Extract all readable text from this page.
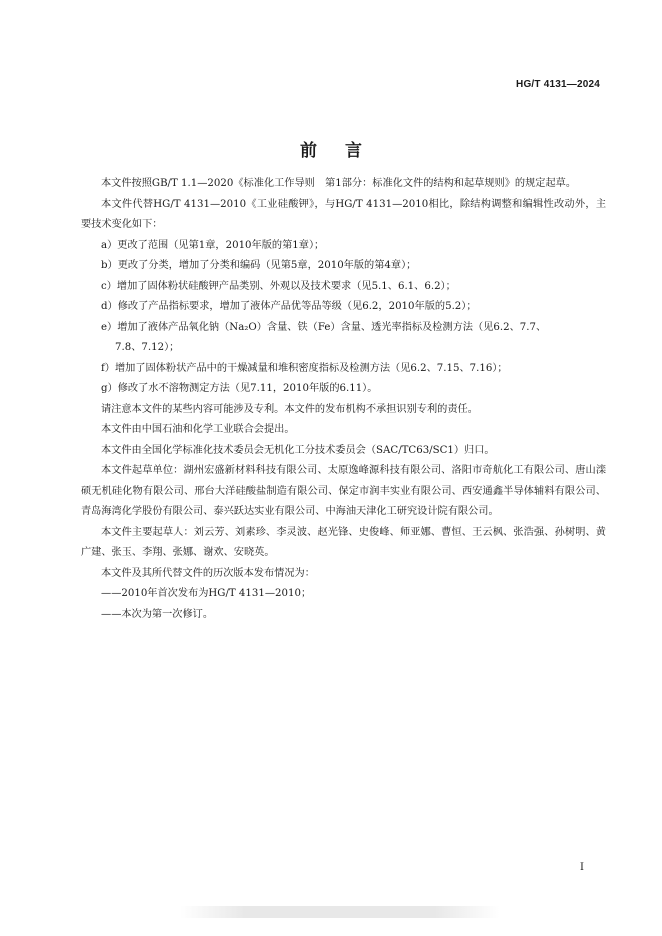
HG/T 4131—2024
前言

本文件按照GB/T 1.1—2020《标准化工作导则　第1部分：标准化文件的结构和起草规则》的规定起草。

本文件代替HG/T 4131—2010《工业硅酸钾》，与HG/T 4131—2010相比，除结构调整和编辑性改动外，主要技术变化如下：

a）更改了范围（见第1章，2010年版的第1章）；

b）更改了分类，增加了分类和编码（见第5章，2010年版的第4章）；

c）增加了固体粉状硅酸钾产品类别、外观以及技术要求（见5.1、6.1、6.2）；

d）修改了产品指标要求，增加了液体产品优等品等级（见6.2，2010年版的5.2）；

e）增加了液体产品氧化钠（Na₂O）含量、铁（Fe）含量、透光率指标及检测方法（见6.2、7.7、
7.8、7.12）；

f）增加了固体粉状产品中的干燥减量和堆积密度指标及检测方法（见6.2、7.15、7.16）；

g）修改了水不溶物测定方法（见7.11，2010年版的6.11）。

请注意本文件的某些内容可能涉及专利。本文件的发布机构不承担识别专利的责任。

本文件由中国石油和化学工业联合会提出。

本文件由全国化学标准化技术委员会无机化工分技术委员会（SAC/TC63/SC1）归口。

本文件起草单位：湖州宏盛新材料科技有限公司、太原逸峰源科技有限公司、洛阳市奇航化工有限公司、唐山滦硕无机硅化物有限公司、邢台大洋硅酸盐制造有限公司、保定市润丰实业有限公司、西安通鑫半导体辅料有限公司、青岛海湾化学股份有限公司、泰兴跃达实业有限公司、中海油天津化工研究设计院有限公司。

本文件主要起草人：刘云芳、刘素珍、李灵波、赵光锋、史俊峰、师亚娜、曹恒、王云枫、张浩强、孙树明、黄广建、张玉、李翔、张娜、谢欢、安晓英。

本文件及其所代替文件的历次版本发布情况为：

——2010年首次发布为HG/T 4131—2010；

——本次为第一次修订。

I
